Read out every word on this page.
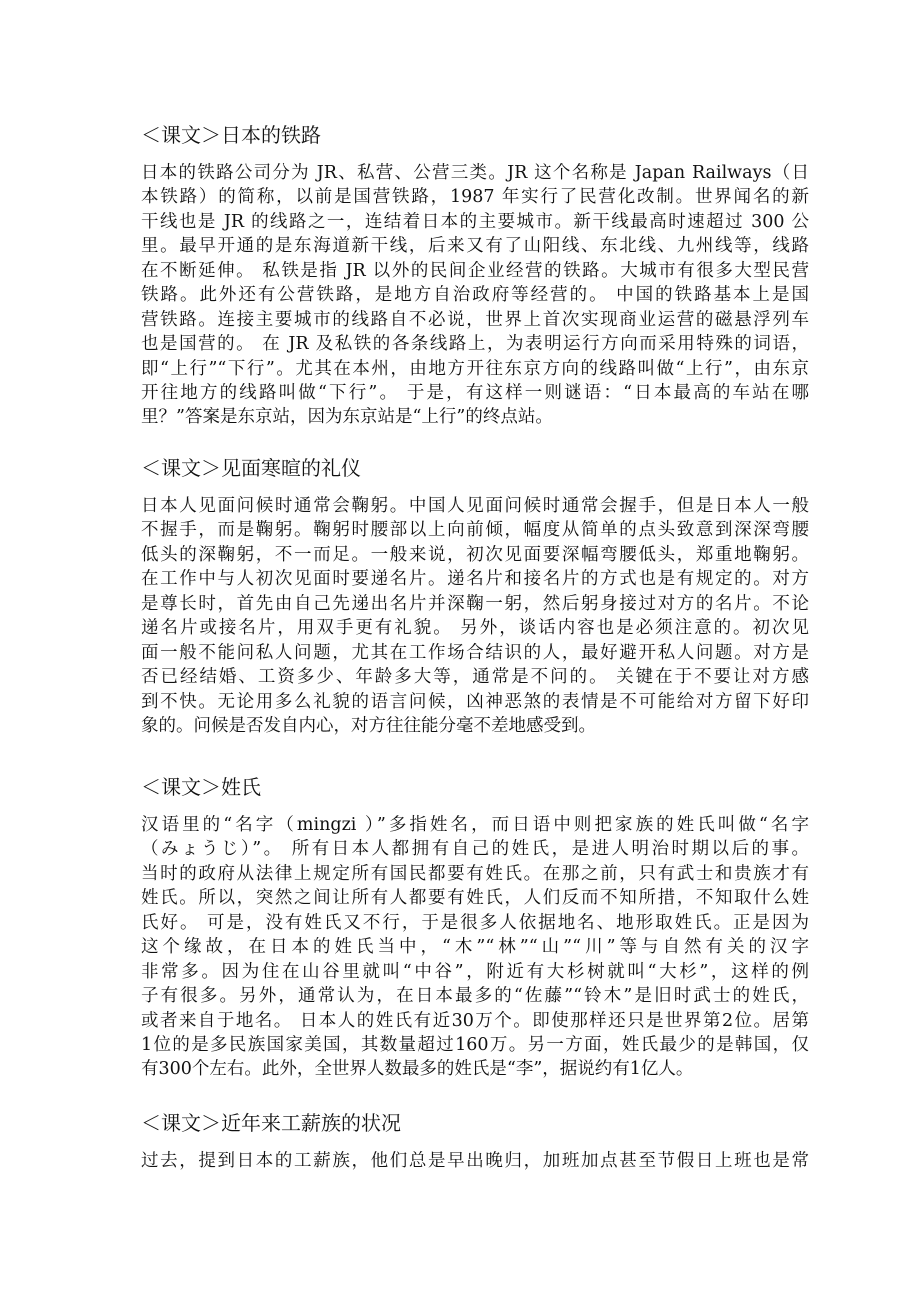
＜课文＞日本的铁路
日本的铁路公司分为 JR、私营、公营三类。JR 这个名称是 Japan Railways（日
本铁路）的简称，以前是国营铁路，1987 年实行了民营化改制。世界闻名的新
干线也是 JR 的线路之一，连结着日本的主要城市。新干线最高时速超过 300 公
里。最早开通的是东海道新干线，后来又有了山阳线、东北线、九州线等，线路
在不断延伸。 私铁是指 JR 以外的民间企业经营的铁路。大城市有很多大型民营
铁路。此外还有公营铁路，是地方自治政府等经营的。 中国的铁路基本上是国
营铁路。连接主要城市的线路自不必说，世界上首次实现商业运营的磁悬浮列车
也是国营的。 在 JR 及私铁的各条线路上，为表明运行方向而采用特殊的词语，
即“上行”“下行”。尤其在本州，由地方开往东京方向的线路叫做“上行”，由东京
开往地方的线路叫做“下行”。 于是，有这样一则谜语：“日本最高的车站在哪
里？”答案是东京站，因为东京站是“上行”的终点站。
＜课文＞见面寒暄的礼仪
日本人见面问候时通常会鞠躬。中国人见面问候时通常会握手，但是日本人一般
不握手，而是鞠躬。鞠躬时腰部以上向前倾，幅度从简单的点头致意到深深弯腰
低头的深鞠躬，不一而足。一般来说，初次见面要深幅弯腰低头，郑重地鞠躬。
在工作中与人初次见面时要递名片。递名片和接名片的方式也是有规定的。对方
是尊长时，首先由自己先递出名片并深鞠一躬，然后躬身接过对方的名片。不论
递名片或接名片，用双手更有礼貌。 另外，谈话内容也是必须注意的。初次见
面一般不能问私人问题，尤其在工作场合结识的人，最好避开私人问题。对方是
否已经结婚、工资多少、年龄多大等，通常是不问的。 关键在于不要让对方感
到不快。无论用多么礼貌的语言问候，凶神恶煞的表情是不可能给对方留下好印
象的。问候是否发自内心，对方往往能分毫不差地感受到。
＜课文＞姓氏
汉语里的“名字（mingzi ）”多指姓名，而日语中则把家族的姓氏叫做“名字
（みょうじ）”。 所有日本人都拥有自己的姓氏，是进人明治时期以后的事。
当时的政府从法律上规定所有国民都要有姓氏。在那之前，只有武士和贵族才有
姓氏。所以，突然之间让所有人都要有姓氏，人们反而不知所措，不知取什么姓
氏好。 可是，没有姓氏又不行，于是很多人依据地名、地形取姓氏。正是因为
这个缘故，在日本的姓氏当中，“木”“林”“山”“川”等与自然有关的汉字
非常多。因为住在山谷里就叫“中谷”，附近有大杉树就叫“大杉”，这样的例
子有很多。另外，通常认为，在日本最多的“佐藤”“铃木”是旧时武士的姓氏，
或者来自于地名。 日本人的姓氏有近30万个。即使那样还只是世界第2位。居第
1位的是多民族国家美国，其数量超过160万。另一方面，姓氏最少的是韩国，仅
有300个左右。此外，全世界人数最多的姓氏是“李”，据说约有1亿人。
＜课文＞近年来工薪族的状况
过去，提到日本的工薪族，他们总是早出晚归，加班加点甚至节假日上班也是常
